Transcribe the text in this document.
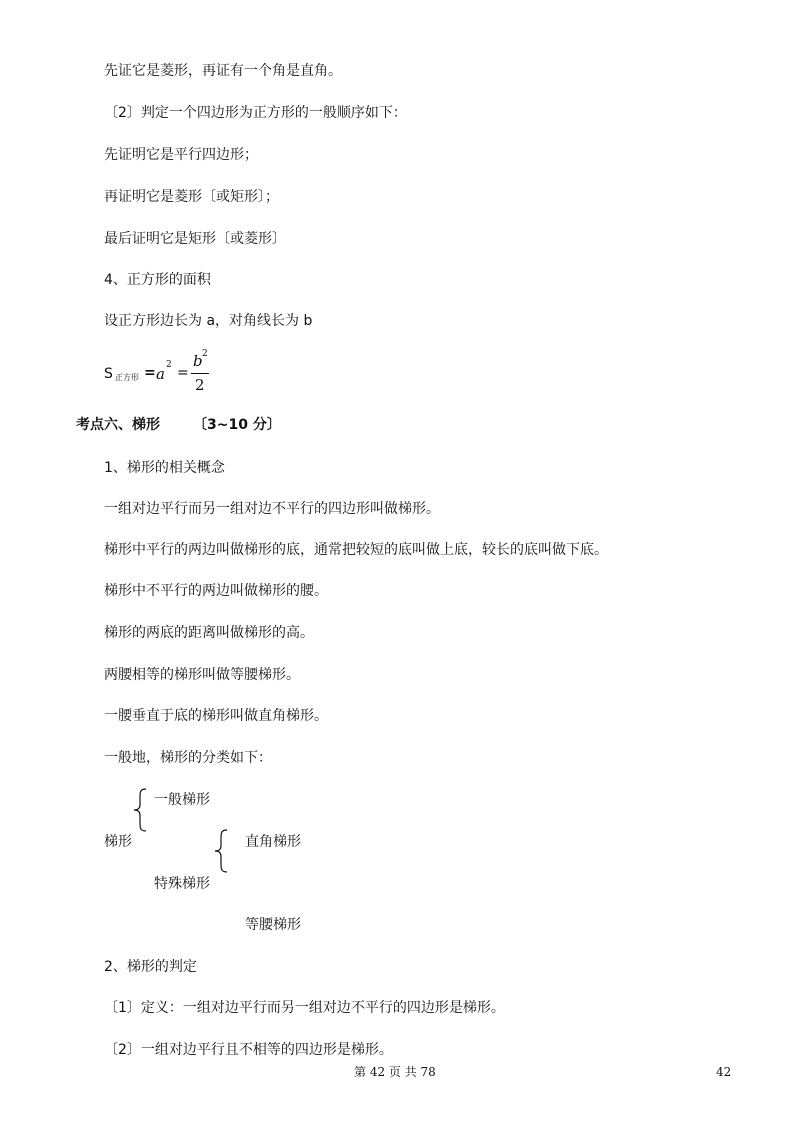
先证它是菱形，再证有一个角是直角。
〔2〕判定一个四边形为正方形的一般顺序如下：
先证明它是平行四边形；
再证明它是菱形〔或矩形〕；
最后证明它是矩形〔或菱形〕
4、正方形的面积
设正方形边长为 a，对角线长为 b
S 正方形 = a 2 =
b 2
2
考点六、梯形 〔3~10 分〕
1、梯形的相关概念
一组对边平行而另一组对边不平行的四边形叫做梯形。
梯形中平行的两边叫做梯形的底，通常把较短的底叫做上底，较长的底叫做下底。
梯形中不平行的两边叫做梯形的腰。
梯形的两底的距离叫做梯形的高。
两腰相等的梯形叫做等腰梯形。
一腰垂直于底的梯形叫做直角梯形。
一般地，梯形的分类如下：
一般梯形
梯形	直角梯形
特殊梯形
等腰梯形
2、梯形的判定
〔1〕定义：一组对边平行而另一组对边不平行的四边形是梯形。
〔2〕一组对边平行且不相等的四边形是梯形。
第 42 页 共 78	42
